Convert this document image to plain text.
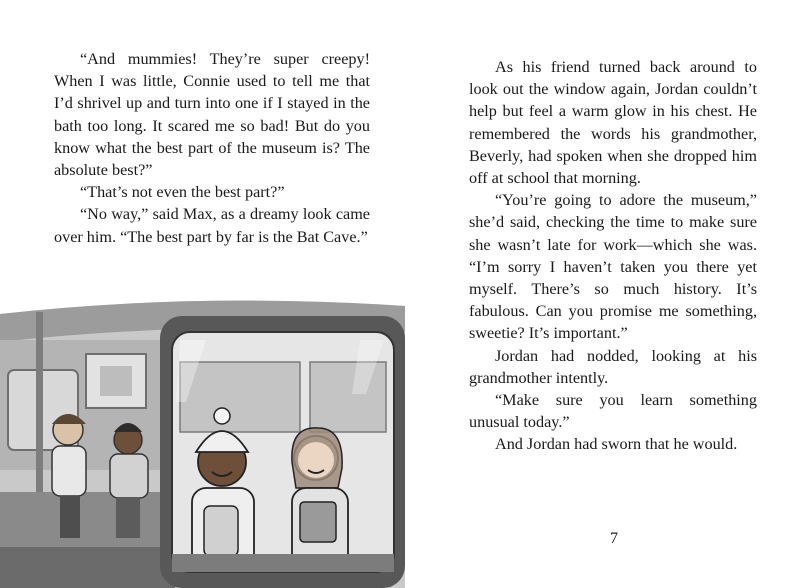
“And mummies! They’re super creepy! When I was little, Connie used to tell me that I’d shrivel up and turn into one if I stayed in the bath too long. It scared me so bad! But do you know what the best part of the museum is? The absolute best?”

“That’s not even the best part?”

“No way,” said Max, as a dreamy look came over him. “The best part by far is the Bat Cave.”

As his friend turned back around to look out the window again, Jordan couldn’t help but feel a warm glow in his chest. He remembered the words his grandmother, Beverly, had spoken when she dropped him off at school that morning.

“You’re going to adore the museum,” she’d said, checking the time to make sure she wasn’t late for work—which she was. “I’m sorry I haven’t taken you there yet myself. There’s so much history. It’s fabulous. Can you promise me something, sweetie? It’s important.”

Jordan had nodded, looking at his grandmother intently.

“Make sure you learn something unusual today.”

And Jordan had sworn that he would.

7
